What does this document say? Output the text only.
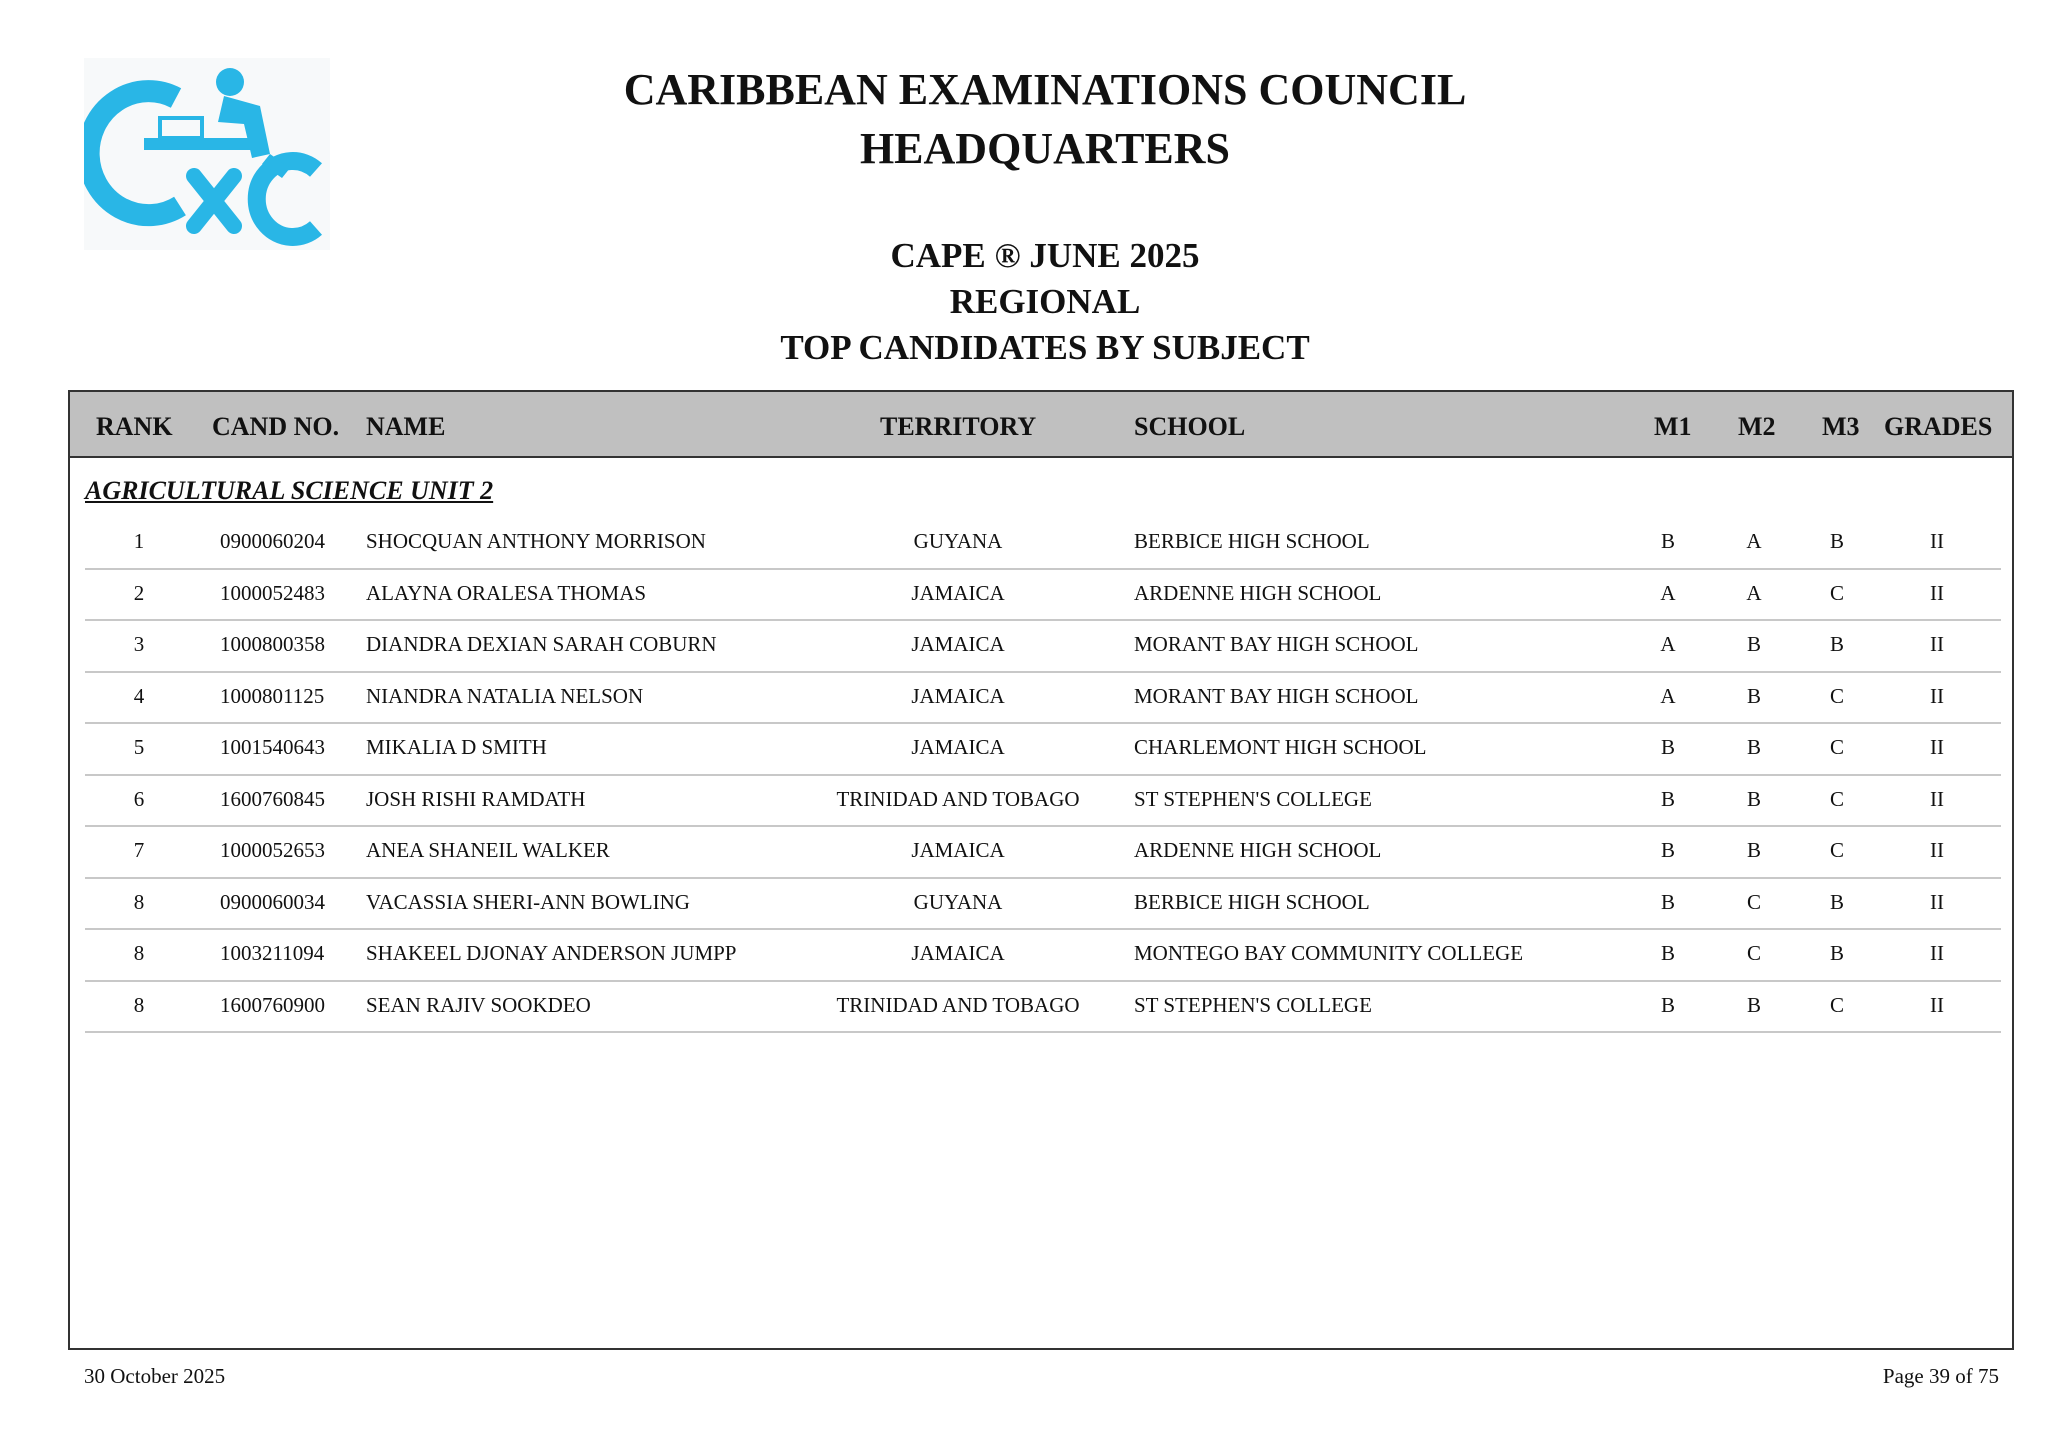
CARIBBEAN EXAMINATIONS COUNCIL
HEADQUARTERS
CAPE ® JUNE 2025
REGIONAL
TOP CANDIDATES BY SUBJECT
RANK CAND NO. NAME	TERRITORY	SCHOOL	M1 M2 M3 GRADES
AGRICULTURAL SCIENCE UNIT 2
1	0900060204 SHOCQUAN ANTHONY MORRISON	GUYANA	BERBICE HIGH SCHOOL	B	A	B	II
2	1000052483 ALAYNA ORALESA THOMAS	JAMAICA	ARDENNE HIGH SCHOOL	A	A	C	II
3	1000800358 DIANDRA DEXIAN SARAH COBURN	JAMAICA	MORANT BAY HIGH SCHOOL	A	B	B	II
4	1000801125 NIANDRA NATALIA NELSON	JAMAICA	MORANT BAY HIGH SCHOOL	A	B	C	II
5	1001540643 MIKALIA D SMITH	JAMAICA	CHARLEMONT HIGH SCHOOL	B	B	C	II
6	1600760845 JOSH RISHI RAMDATH	TRINIDAD AND TOBAGO	ST STEPHEN'S COLLEGE	B	B	C	II
7	1000052653 ANEA SHANEIL WALKER	JAMAICA	ARDENNE HIGH SCHOOL	B	B	C	II
8	0900060034 VACASSIA SHERI-ANN BOWLING	GUYANA	BERBICE HIGH SCHOOL	B	C	B	II
8	1003211094 SHAKEEL DJONAY ANDERSON JUMPP	JAMAICA	MONTEGO BAY COMMUNITY COLLEGE	B	C	B	II
8	1600760900 SEAN RAJIV SOOKDEO	TRINIDAD AND TOBAGO	ST STEPHEN'S COLLEGE	B	B	C	II
30 October 2025	Page 39 of 75
